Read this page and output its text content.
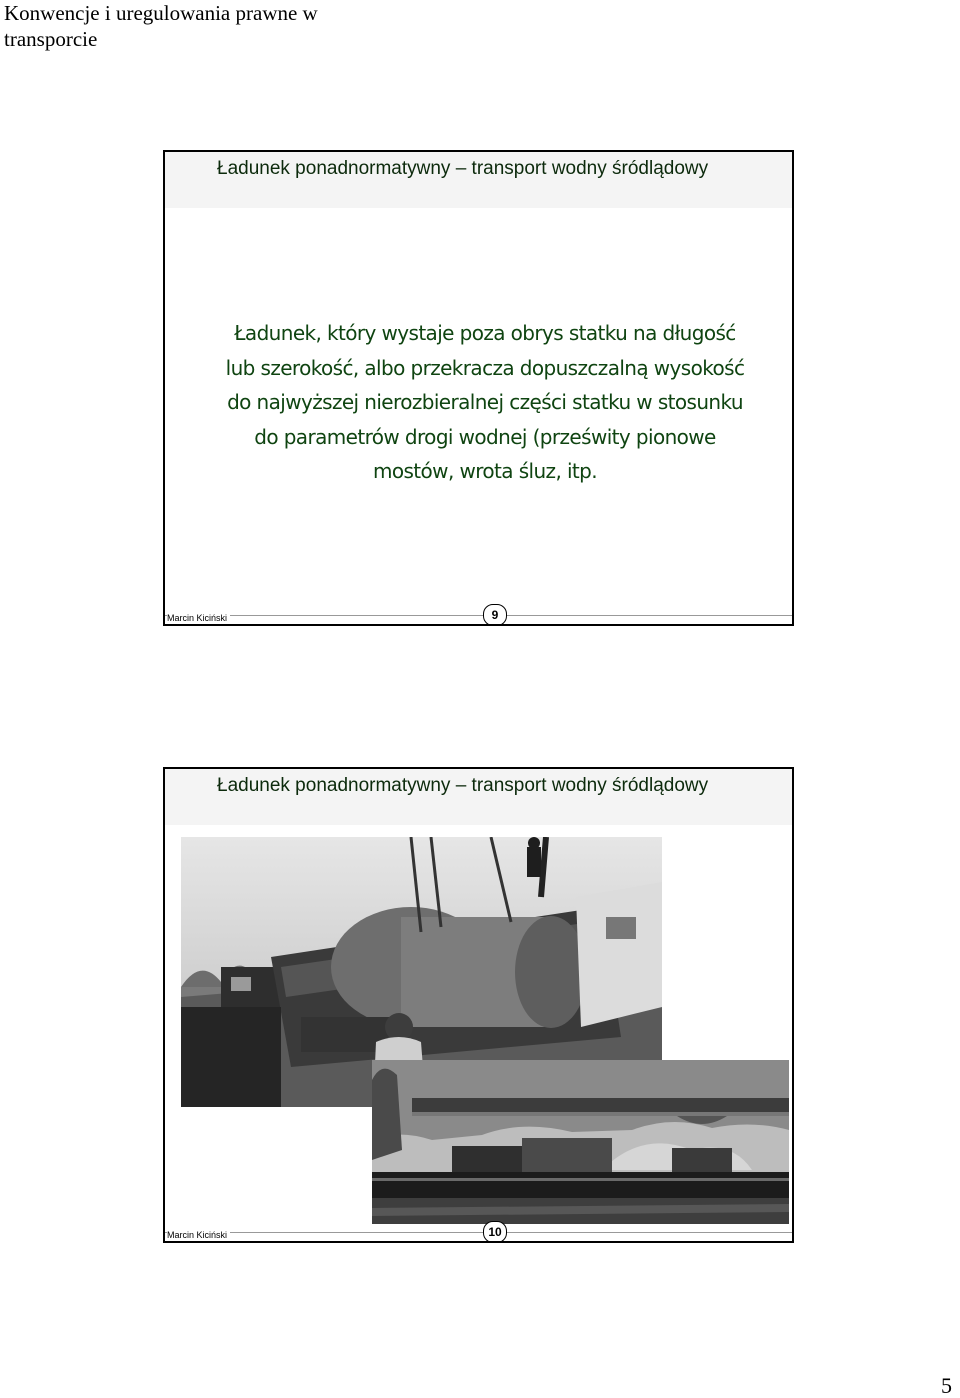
Konwencje i uregulowania prawne w transporcie
Ładunek ponadnormatywny – transport wodny śródlądowy
Ładunek, który wystaje poza obrys statku na długość lub szerokość, albo przekracza dopuszczalną wysokość do najwyższej nierozbieralnej części statku w stosunku do parametrów drogi wodnej (prześwity pionowe mostów, wrota śluz, itp.
Marcin Kiciński	9
Ładunek ponadnormatywny – transport wodny śródlądowy
Marcin Kiciński	10
5
